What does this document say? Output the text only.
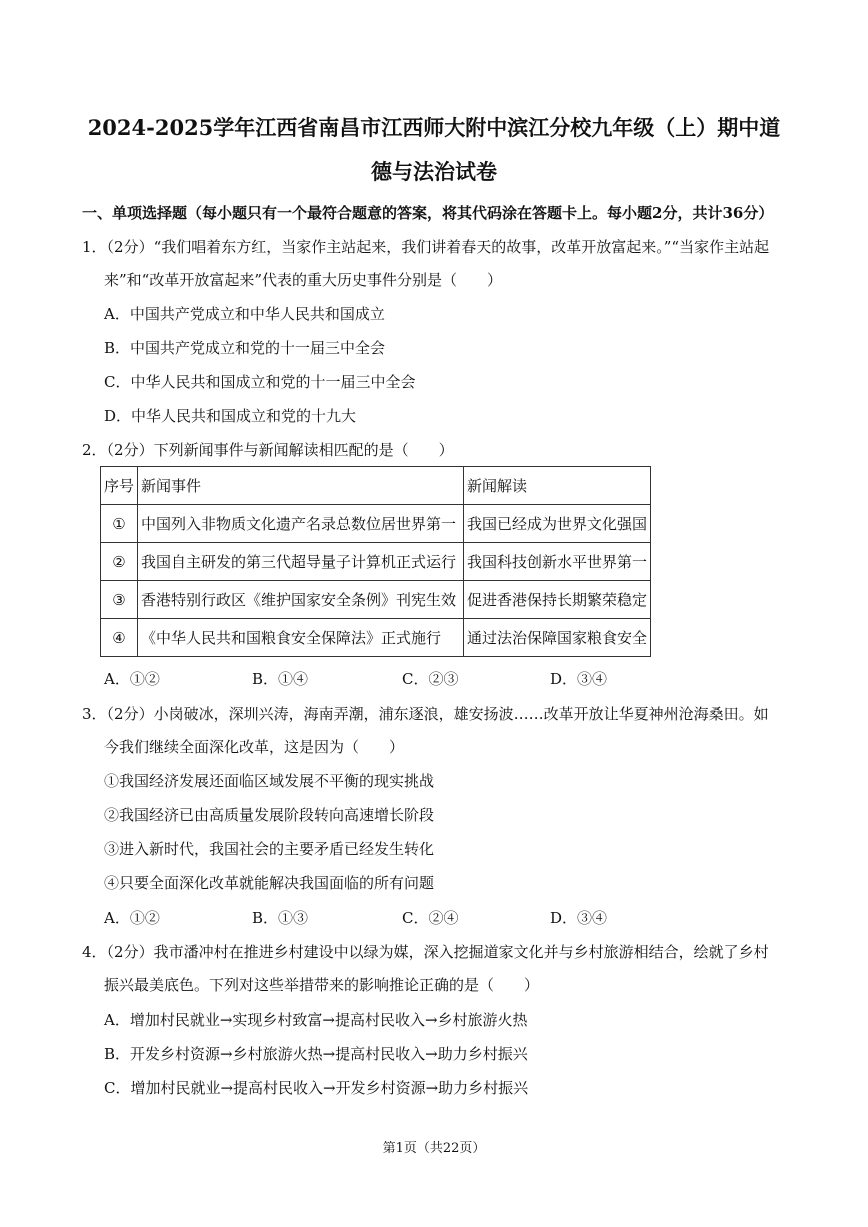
2024-2025学年江西省南昌市江西师大附中滨江分校九年级（上）期中道
德与法治试卷
一、单项选择题（每小题只有一个最符合题意的答案，将其代码涂在答题卡上。每小题2分，共计36分）
1．（2分）“我们唱着东方红，当家作主站起来，我们讲着春天的故事，改革开放富起来。”“当家作主站起
来”和“改革开放富起来”代表的重大历史事件分别是（　　）
A．中国共产党成立和中华人民共和国成立
B．中国共产党成立和党的十一届三中全会
C．中华人民共和国成立和党的十一届三中全会
D．中华人民共和国成立和党的十九大
2．（2分）下列新闻事件与新闻解读相匹配的是（　　）
序号	新闻事件	新闻解读
①	中国列入非物质文化遗产名录总数位居世界第一	我国已经成为世界文化强国
②	我国自主研发的第三代超导量子计算机正式运行	我国科技创新水平世界第一
③	香港特别行政区《维护国家安全条例》刊宪生效	促进香港保持长期繁荣稳定
④	《中华人民共和国粮食安全保障法》正式施行	通过法治保障国家粮食安全
A．①②	B．①④	C．②③	D．③④
3．（2分）小岗破冰，深圳兴涛，海南弄潮，浦东逐浪，雄安扬波……改革开放让华夏神州沧海桑田。如
今我们继续全面深化改革，这是因为（　　）
①我国经济发展还面临区域发展不平衡的现实挑战
②我国经济已由高质量发展阶段转向高速增长阶段
③进入新时代，我国社会的主要矛盾已经发生转化
④只要全面深化改革就能解决我国面临的所有问题
A．①②	B．①③	C．②④	D．③④
4．（2分）我市潘冲村在推进乡村建设中以绿为媒，深入挖掘道家文化并与乡村旅游相结合，绘就了乡村
振兴最美底色。下列对这些举措带来的影响推论正确的是（　　）
A．增加村民就业→实现乡村致富→提高村民收入→乡村旅游火热
B．开发乡村资源→乡村旅游火热→提高村民收入→助力乡村振兴
C．增加村民就业→提高村民收入→开发乡村资源→助力乡村振兴
第1页（共22页）
